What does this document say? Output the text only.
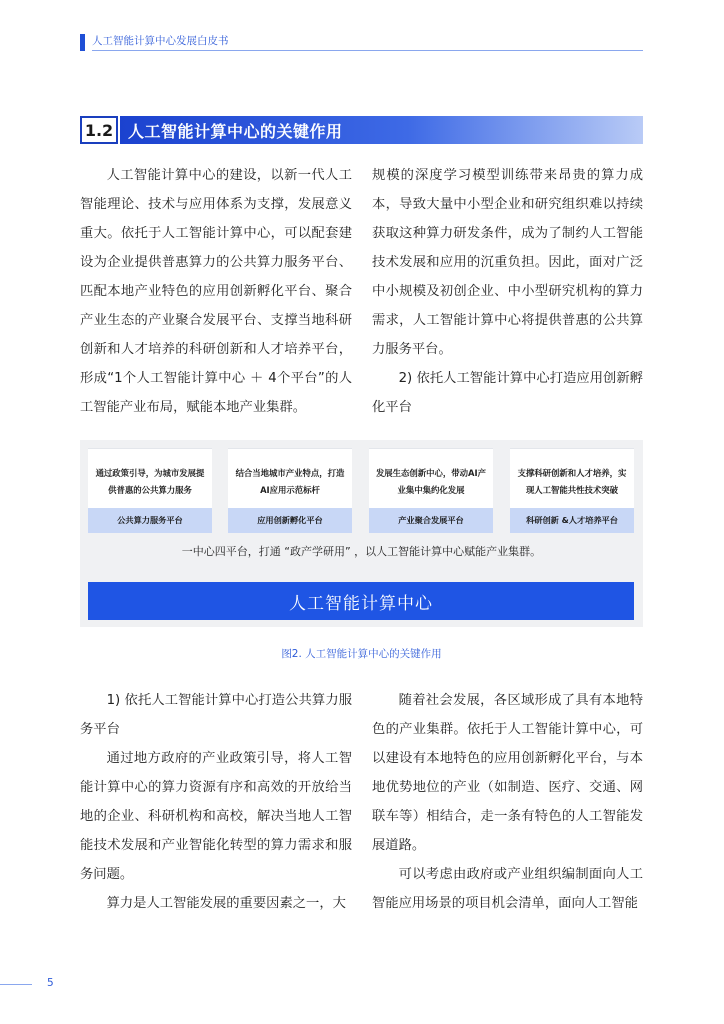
人工智能计算中心发展白皮书
1.2 人工智能计算中心的关键作用

人工智能计算中心的建设，以新一代人工智能理论、技术与应用体系为支撑，发展意义重大。依托于人工智能计算中心，可以配套建设为企业提供普惠算力的公共算力服务平台、匹配本地产业特色的应用创新孵化平台、聚合产业生态的产业聚合发展平台、支撑当地科研创新和人才培养的科研创新和人才培养平台，形成“1个人工智能计算中心 ＋ 4个平台”的人工智能产业布局，赋能本地产业集群。

规模的深度学习模型训练带来昂贵的算力成本，导致大量中小型企业和研究组织难以持续获取这种算力研发条件，成为了制约人工智能技术发展和应用的沉重负担。因此，面对广泛中小规模及初创企业、中小型研究机构的算力需求，人工智能计算中心将提供普惠的公共算力服务平台。

2) 依托人工智能计算中心打造应用创新孵化平台

通过政策引导，为城市发展提供普惠的公共算力服务
公共算力服务平台
结合当地城市产业特点，打造AI应用示范标杆
应用创新孵化平台
发展生态创新中心，带动AI产业集中集约化发展
产业聚合发展平台
支撑科研创新和人才培养，实现人工智能共性技术突破
科研创新 &人才培养平台
一中心四平台，打通 “政产学研用” ，以人工智能计算中心赋能产业集群。
人工智能计算中心
图2. 人工智能计算中心的关键作用

1) 依托人工智能计算中心打造公共算力服务平台

通过地方政府的产业政策引导，将人工智能计算中心的算力资源有序和高效的开放给当地的企业、科研机构和高校，解决当地人工智能技术发展和产业智能化转型的算力需求和服务问题。

算力是人工智能发展的重要因素之一，大

随着社会发展，各区域形成了具有本地特色的产业集群。依托于人工智能计算中心，可以建设有本地特色的应用创新孵化平台，与本地优势地位的产业（如制造、医疗、交通、网联车等）相结合，走一条有特色的人工智能发展道路。

可以考虑由政府或产业组织编制面向人工智能应用场景的项目机会清单，面向人工智能

5
